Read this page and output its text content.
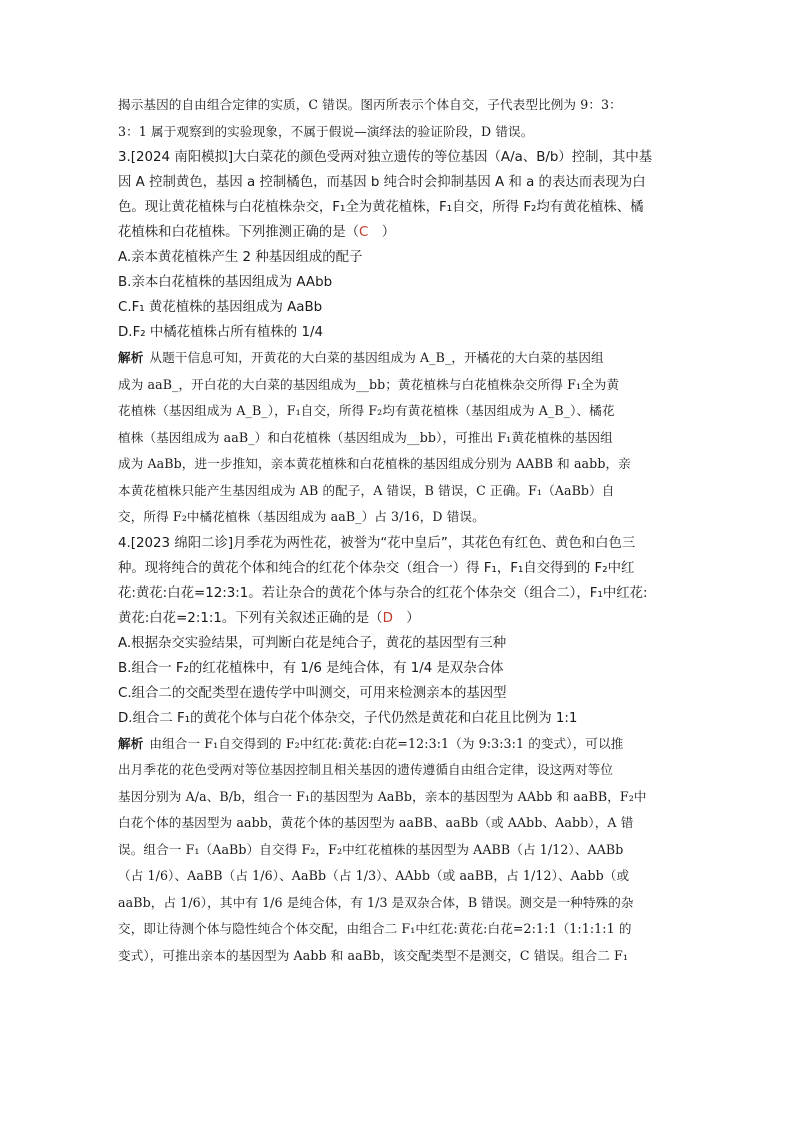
揭示基因的自由组合定律的实质，C 错误。图丙所表示个体自交，子代表型比例为 9：3：
3：1 属于观察到的实验现象，不属于假说—演绎法的验证阶段，D 错误。
3.[2024 南阳模拟]大白菜花的颜色受两对独立遗传的等位基因（A/a、B/b）控制，其中基
因 A 控制黄色，基因 a 控制橘色，而基因 b 纯合时会抑制基因 A 和 a 的表达而表现为白
色。现让黄花植株与白花植株杂交，F₁全为黄花植株，F₁自交，所得 F₂均有黄花植株、橘
花植株和白花植株。下列推测正确的是（C　）
A.亲本黄花植株产生 2 种基因组成的配子
B.亲本白花植株的基因组成为 AAbb
C.F₁ 黄花植株的基因组成为 AaBb
D.F₂ 中橘花植株占所有植株的 1/4
解析 从题干信息可知，开黄花的大白菜的基因组成为 A_B_，开橘花的大白菜的基因组
成为 aaB_，开白花的大白菜的基因组成为__bb；黄花植株与白花植株杂交所得 F₁全为黄
花植株（基因组成为 A_B_），F₁自交，所得 F₂均有黄花植株（基因组成为 A_B_）、橘花
植株（基因组成为 aaB_）和白花植株（基因组成为__bb），可推出 F₁黄花植株的基因组
成为 AaBb，进一步推知，亲本黄花植株和白花植株的基因组成分别为 AABB 和 aabb，亲
本黄花植株只能产生基因组成为 AB 的配子，A 错误，B 错误，C 正确。F₁（AaBb）自
交，所得 F₂中橘花植株（基因组成为 aaB_）占 3/16，D 错误。
4.[2023 绵阳二诊]月季花为两性花，被誉为“花中皇后”，其花色有红色、黄色和白色三
种。现将纯合的黄花个体和纯合的红花个体杂交（组合一）得 F₁，F₁自交得到的 F₂中红
花:黄花:白花=12:3:1。若让杂合的黄花个体与杂合的红花个体杂交（组合二），F₁中红花:
黄花:白花=2:1:1。下列有关叙述正确的是（D　）
A.根据杂交实验结果，可判断白花是纯合子，黄花的基因型有三种
B.组合一 F₂的红花植株中，有 1/6 是纯合体，有 1/4 是双杂合体
C.组合二的交配类型在遗传学中叫测交，可用来检测亲本的基因型
D.组合二 F₁的黄花个体与白花个体杂交，子代仍然是黄花和白花且比例为 1:1
解析 由组合一 F₁自交得到的 F₂中红花:黄花:白花=12:3:1（为 9:3:3:1 的变式），可以推
出月季花的花色受两对等位基因控制且相关基因的遗传遵循自由组合定律，设这两对等位
基因分别为 A/a、B/b，组合一 F₁的基因型为 AaBb，亲本的基因型为 AAbb 和 aaBB，F₂中
白花个体的基因型为 aabb，黄花个体的基因型为 aaBB、aaBb（或 AAbb、Aabb），A 错
误。组合一 F₁（AaBb）自交得 F₂，F₂中红花植株的基因型为 AABB（占 1/12）、AABb
（占 1/6）、AaBB（占 1/6）、AaBb（占 1/3）、AAbb（或 aaBB，占 1/12）、Aabb（或
aaBb，占 1/6），其中有 1/6 是纯合体，有 1/3 是双杂合体，B 错误。测交是一种特殊的杂
交，即让待测个体与隐性纯合个体交配，由组合二 F₁中红花:黄花:白花=2:1:1（1:1:1:1 的
变式），可推出亲本的基因型为 Aabb 和 aaBb，该交配类型不是测交，C 错误。组合二 F₁
